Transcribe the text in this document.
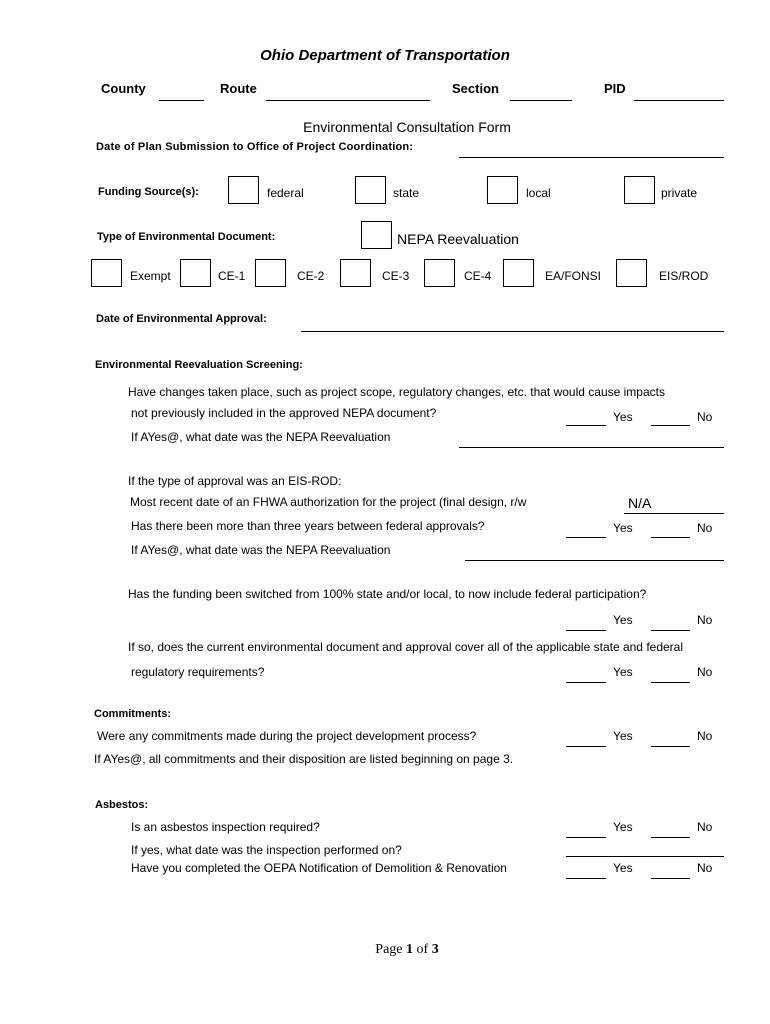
Ohio Department of Transportation
County	Route	Section	PID
Environmental Consultation Form
Date of Plan Submission to Office of Project Coordination:
Funding Source(s):	federal	state	local	private
Type of Environmental Document:	NEPA Reevaluation
Exempt	CE-1	CE-2	CE-3	CE-4	EA/FONSI	EIS/ROD
Date of Environmental Approval:
Environmental Reevaluation Screening:
Have changes taken place, such as project scope, regulatory changes, etc. that would cause impacts
not previously included in the approved NEPA document?	Yes	No
If AYes@, what date was the NEPA Reevaluation
If the type of approval was an EIS-ROD:
Most recent date of an FHWA authorization for the project (final design, r/w	N/A
Has there been more than three years between federal approvals?	Yes	No
If AYes@, what date was the NEPA Reevaluation
Has the funding been switched from 100% state and/or local, to now include federal participation?
Yes	No
If so, does the current environmental document and approval cover all of the applicable state and federal
regulatory requirements?	Yes	No
Commitments:
Were any commitments made during the project development process?	Yes	No
If AYes@, all commitments and their disposition are listed beginning on page 3.
Asbestos:
Is an asbestos inspection required?	Yes	No
If yes, what date was the inspection performed on?
Have you completed the OEPA Notification of Demolition & Renovation	Yes	No
Page 1 of 3
